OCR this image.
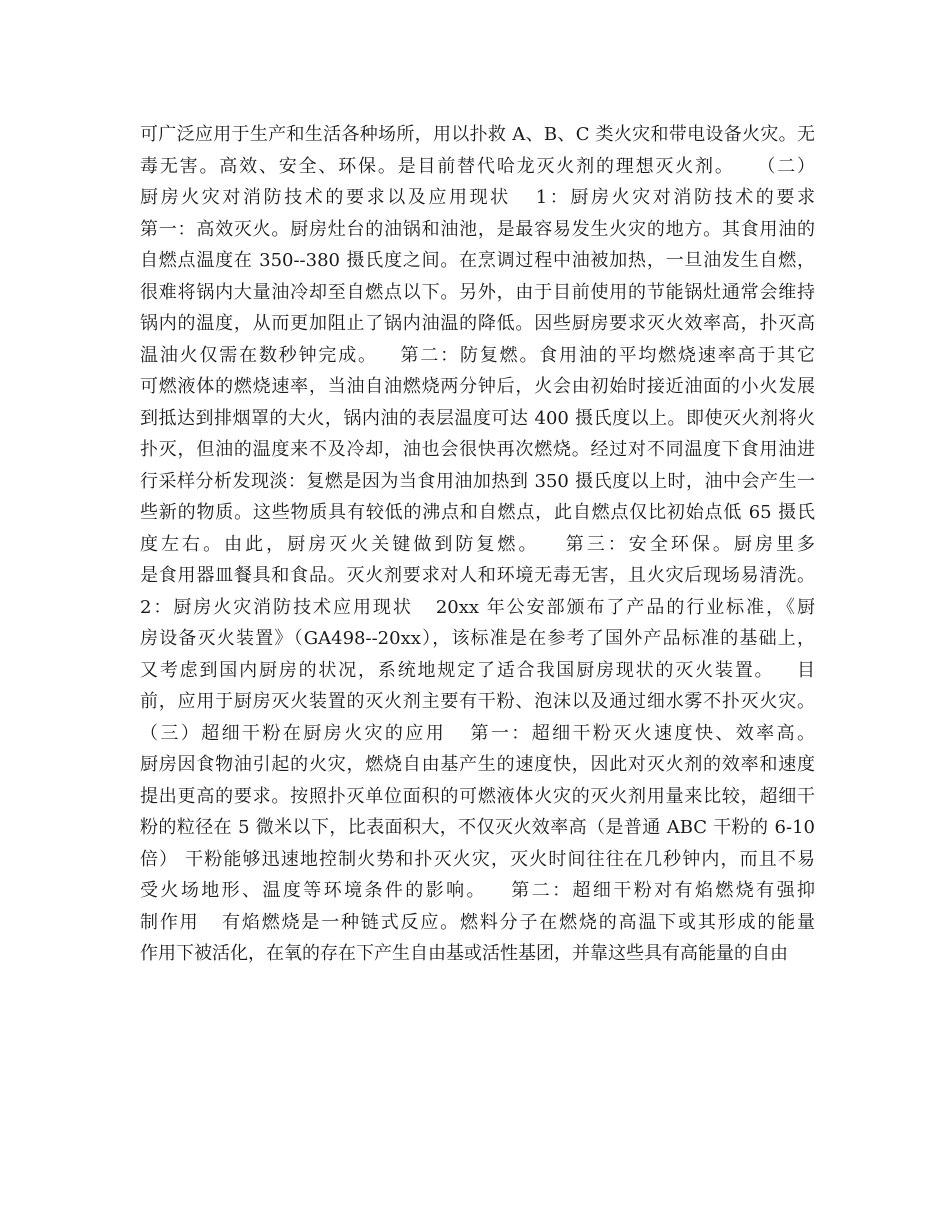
可广泛应用于生产和生活各种场所，用以扑救 A、B、C 类火灾和带电设备火灾。无
毒无害。高效、安全、环保。是目前替代哈龙灭火剂的理想灭火剂。   （二）
厨房火灾对消防技术的要求以及应用现状   1：厨房火灾对消防技术的要求
第一：高效灭火。厨房灶台的油锅和油池，是最容易发生火灾的地方。其食用油的
自燃点温度在 350--380 摄氏度之间。在烹调过程中油被加热，一旦油发生自燃，
很难将锅内大量油冷却至自燃点以下。另外，由于目前使用的节能锅灶通常会维持
锅内的温度，从而更加阻止了锅内油温的降低。因些厨房要求灭火效率高，扑灭高
温油火仅需在数秒钟完成。   第二：防复燃。食用油的平均燃烧速率高于其它
可燃液体的燃烧速率，当油自油燃烧两分钟后，火会由初始时接近油面的小火发展
到抵达到排烟罩的大火，锅内油的表层温度可达 400 摄氏度以上。即使灭火剂将火
扑灭，但油的温度来不及冷却，油也会很快再次燃烧。经过对不同温度下食用油进
行采样分析发现淡：复燃是因为当食用油加热到 350 摄氏度以上时，油中会产生一
些新的物质。这些物质具有较低的沸点和自燃点，此自燃点仅比初始点低 65 摄氏
度左右。由此，厨房灭火关键做到防复燃。   第三：安全环保。厨房里多
是食用器皿餐具和食品。灭火剂要求对人和环境无毒无害，且火灾后现场易清洗。
2：厨房火灾消防技术应用现状   20xx 年公安部颁布了产品的行业标准，《厨
房设备灭火装置》（GA498--20xx），该标准是在参考了国外产品标准的基础上，
又考虑到国内厨房的状况，系统地规定了适合我国厨房现状的灭火装置。   目
前，应用于厨房灭火装置的灭火剂主要有干粉、泡沫以及通过细水雾不扑灭火灾。
（三）超细干粉在厨房火灾的应用   第一：超细干粉灭火速度快、效率高。
厨房因食物油引起的火灾，燃烧自由基产生的速度快，因此对灭火剂的效率和速度
提出更高的要求。按照扑灭单位面积的可燃液体火灾的灭火剂用量来比较，超细干
粉的粒径在 5 微米以下，比表面积大，不仅灭火效率高（是普通 ABC 干粉的 6-10
倍） 干粉能够迅速地控制火势和扑灭火灾，灭火时间往往在几秒钟内，而且不易
受火场地形、温度等环境条件的影响。   第二：超细干粉对有焰燃烧有强抑
制作用   有焰燃烧是一种链式反应。燃料分子在燃烧的高温下或其形成的能量
作用下被活化，在氧的存在下产生自由基或活性基团，并靠这些具有高能量的自由
